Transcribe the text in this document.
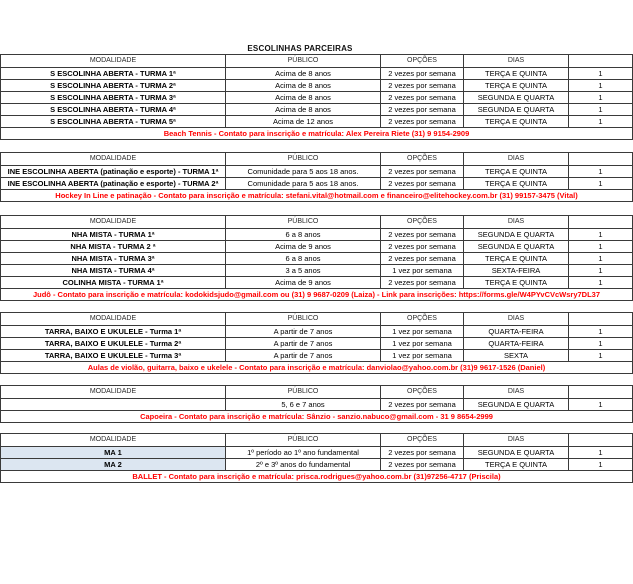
ESCOLINHAS PARCEIRAS
MODALIDADE	PÚBLICO	OPÇÕES	DIAS	
S ESCOLINHA ABERTA - TURMA 1ª	Acima de 8 anos	2 vezes por semana	TERÇA E QUINTA	1
S ESCOLINHA ABERTA - TURMA 2ª	Acima de 8 anos	2 vezes por semana	TERÇA E QUINTA	1
S ESCOLINHA ABERTA - TURMA 3ª	Acima de 8 anos	2 vezes por semana	SEGUNDA E QUARTA	1
S ESCOLINHA ABERTA - TURMA 4ª	Acima de 8 anos	2 vezes por semana	SEGUNDA E QUARTA	1
S ESCOLINHA ABERTA - TURMA 5ª	Acima de 12 anos	2 vezes por semana	TERÇA E QUINTA	1
Beach Tennis - Contato para inscrição e matrícula: Alex Pereira Riete (31) 9 9154-2909				
MODALIDADE	PÚBLICO	OPÇÕES	DIAS	
INE ESCOLINHA ABERTA (patinação e esporte) - TURMA 1ª	Comunidade para 5 aos 18 anos.	2 vezes por semana	TERÇA E QUINTA	1
INE ESCOLINHA ABERTA (patinação e esporte) - TURMA 2ª	Comunidade para 5 aos 18 anos.	2 vezes por semana	TERÇA E QUINTA	1
Hockey In Line e patinação - Contato para inscrição e matrícula: stefani.vital@hotmail.com e financeiro@elitehockey.com.br (31) 99157-3475 (Vital)				
MODALIDADE	PÚBLICO	OPÇÕES	DIAS	
NHA MISTA - TURMA 1ª	6 a 8 anos	2 vezes por semana	SEGUNDA E QUARTA	1
NHA MISTA - TURMA 2 ª	Acima de 9 anos	2 vezes por semana	SEGUNDA E QUARTA	1
NHA MISTA - TURMA 3ª	6 a 8 anos	2 vezes por semana	TERÇA E QUINTA	1
NHA MISTA - TURMA 4ª	3 a 5 anos	1 vez por semana	SEXTA-FEIRA	1
COLINHA MISTA - TURMA 1ª	Acima de 9 anos	2 vezes por semana	TERÇA E QUINTA	1
Judô - Contato para inscrição e matrícula: kodokidsjudo@gmail.com ou (31) 9 9687-0209 (Laiza) - Link para inscrições: https://forms.gle/W4PYvCVcWsry7DL37				
MODALIDADE	PÚBLICO	OPÇÕES	DIAS	
TARRA, BAIXO E UKULELE - Turma 1ª	A partir de 7 anos	1 vez por semana	QUARTA-FEIRA	1
TARRA, BAIXO E UKULELE - Turma 2ª	A partir de 7 anos	1 vez por semana	QUARTA-FEIRA	1
TARRA, BAIXO E UKULELE - Turma 3ª	A partir de 7 anos	1 vez por semana	SEXTA	1
Aulas de violão, guitarra, baixo e ukelele - Contato para inscrição e matrícula: danviolao@yahoo.com.br (31)9 9617-1526 (Daniel)				
MODALIDADE	PÚBLICO	OPÇÕES	DIAS	
	5, 6 e 7 anos	2 vezes por semana	SEGUNDA E QUARTA	1
Capoeira - Contato para inscrição e matrícula: Sânzio - sanzio.nabuco@gmail.com - 31 9 8654-2999				
MODALIDADE	PÚBLICO	OPÇÕES	DIAS	
MA 1	1º período ao 1º ano fundamental	2 vezes por semana	SEGUNDA E QUARTA	1
MA 2	2º e 3º anos do fundamental	2 vezes por semana	TERÇA E QUINTA	1
BALLET - Contato para inscrição e matrícula: prisca.rodrigues@yahoo.com.br (31)97256-4717 (Priscila)				
